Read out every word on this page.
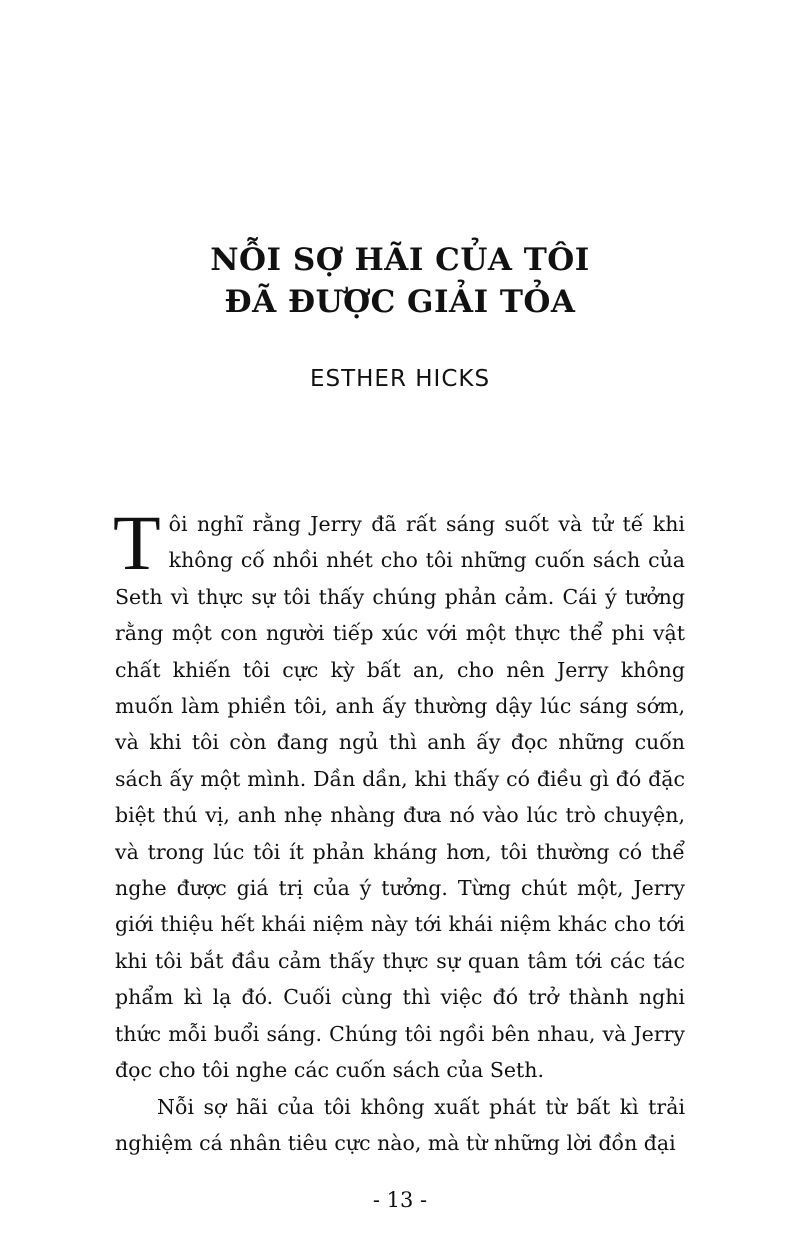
NỖI SỢ HÃI CỦA TÔI
ĐÃ ĐƯỢC GIẢI TỎA
ESTHER HICKS

Tôi nghĩ rằng Jerry đã rất sáng suốt và tử tế khi không cố nhồi nhét cho tôi những cuốn sách của Seth vì thực sự tôi thấy chúng phản cảm. Cái ý tưởng rằng một con người tiếp xúc với một thực thể phi vật chất khiến tôi cực kỳ bất an, cho nên Jerry không muốn làm phiền tôi, anh ấy thường dậy lúc sáng sớm, và khi tôi còn đang ngủ thì anh ấy đọc những cuốn sách ấy một mình. Dần dần, khi thấy có điều gì đó đặc biệt thú vị, anh nhẹ nhàng đưa nó vào lúc trò chuyện, và trong lúc tôi ít phản kháng hơn, tôi thường có thể nghe được giá trị của ý tưởng. Từng chút một, Jerry giới thiệu hết khái niệm này tới khái niệm khác cho tới khi tôi bắt đầu cảm thấy thực sự quan tâm tới các tác phẩm kì lạ đó. Cuối cùng thì việc đó trở thành nghi thức mỗi buổi sáng. Chúng tôi ngồi bên nhau, và Jerry đọc cho tôi nghe các cuốn sách của Seth.

Nỗi sợ hãi của tôi không xuất phát từ bất kì trải nghiệm cá nhân tiêu cực nào, mà từ những lời đồn đại

- 13 -
